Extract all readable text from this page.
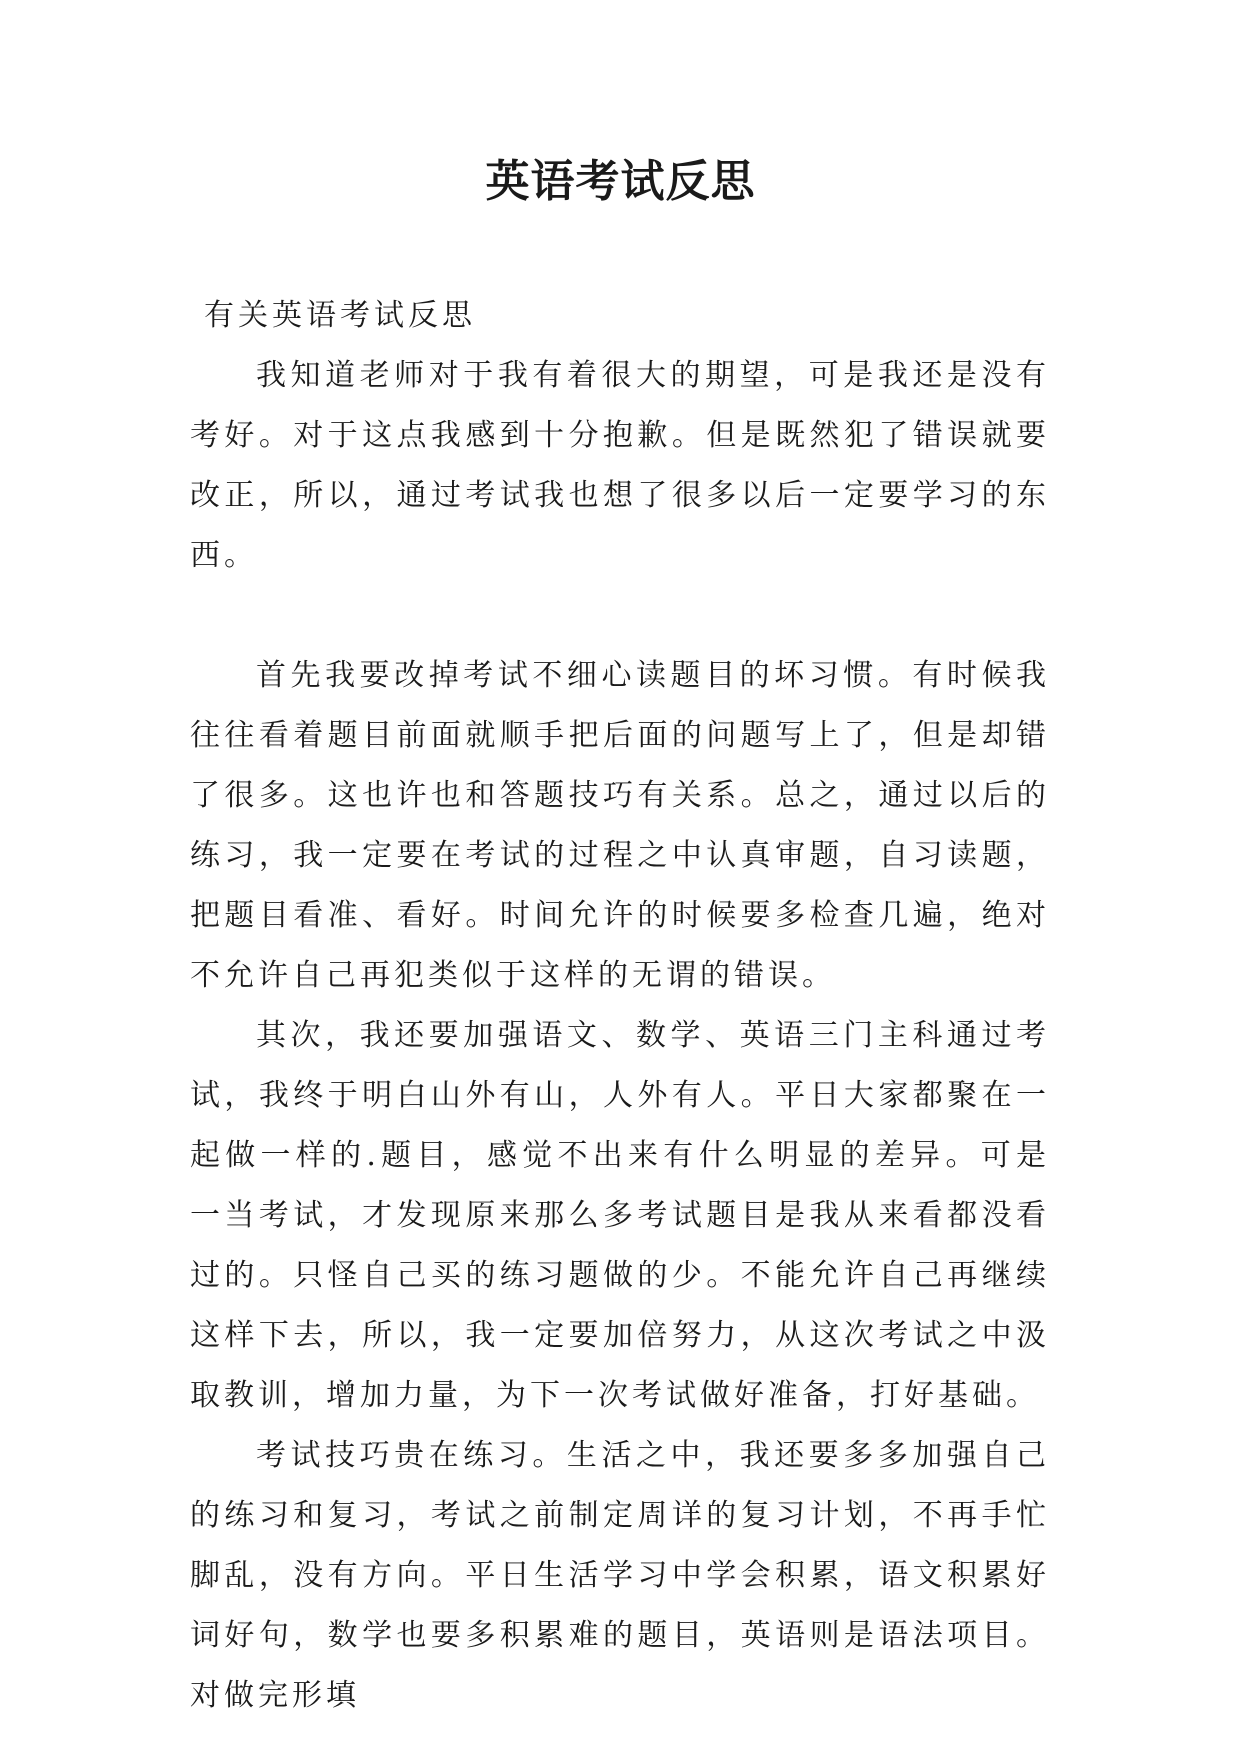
英语考试反思

有关英语考试反思

我知道老师对于我有着很大的期望，可是我还是没有考好。对于这点我感到十分抱歉。但是既然犯了错误就要改正，所以，通过考试我也想了很多以后一定要学习的东西。

首先我要改掉考试不细心读题目的坏习惯。有时候我往往看着题目前面就顺手把后面的问题写上了，但是却错了很多。这也许也和答题技巧有关系。总之，通过以后的练习，我一定要在考试的过程之中认真审题，自习读题，把题目看准、看好。时间允许的时候要多检查几遍，绝对不允许自己再犯类似于这样的无谓的错误。

其次，我还要加强语文、数学、英语三门主科通过考试，我终于明白山外有山，人外有人。平日大家都聚在一起做一样的.题目，感觉不出来有什么明显的差异。可是一当考试，才发现原来那么多考试题目是我从来看都没看过的。只怪自己买的练习题做的少。不能允许自己再继续这样下去，所以，我一定要加倍努力，从这次考试之中汲取教训，增加力量，为下一次考试做好准备，打好基础。

考试技巧贵在练习。生活之中，我还要多多加强自己的练习和复习，考试之前制定周详的复习计划，不再手忙脚乱，没有方向。平日生活学习中学会积累，语文积累好词好句，数学也要多积累难的题目，英语则是语法项目。对做完形填
